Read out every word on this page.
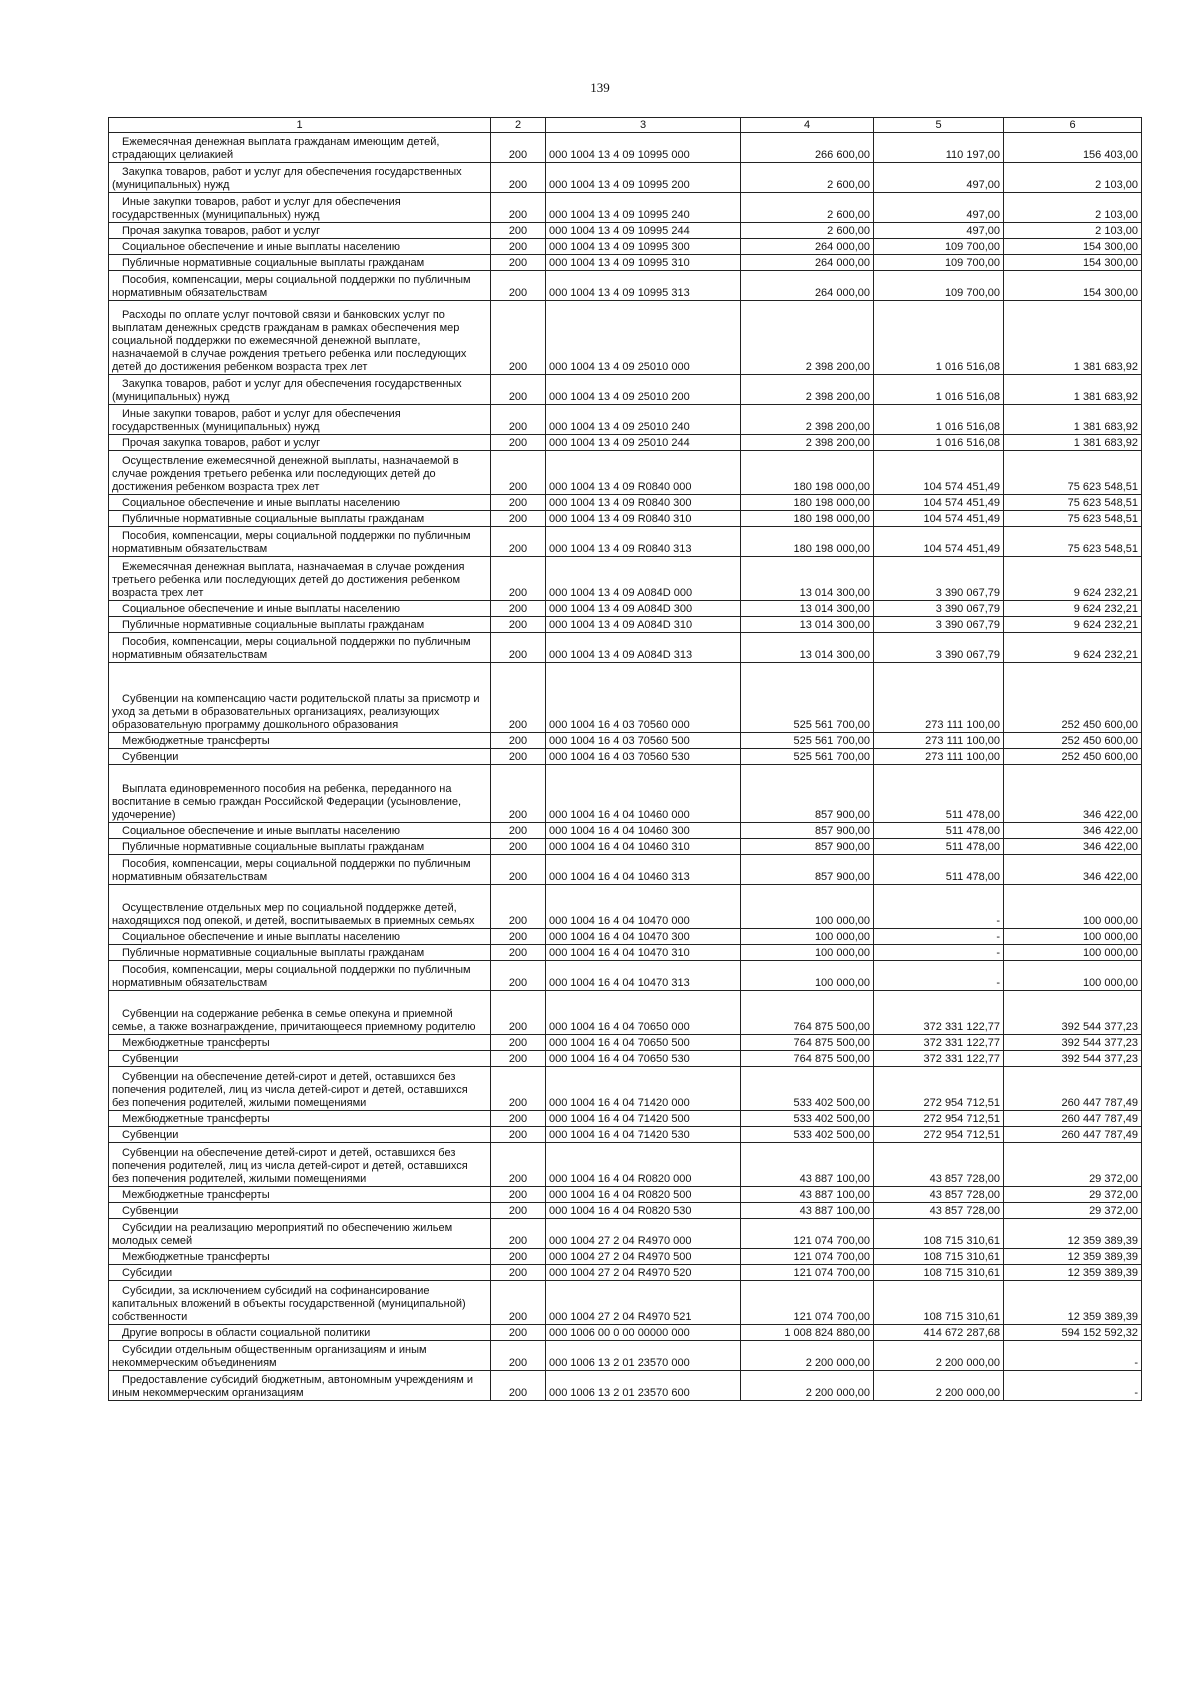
139
1	2	3	4	5	6
Ежемесячная денежная выплата гражданам имеющим детей, страдающих целиакией	200	000 1004 13 4 09 10995 000	266 600,00	110 197,00	156 403,00
Закупка товаров, работ и услуг для обеспечения государственных (муниципальных) нужд	200	000 1004 13 4 09 10995 200	2 600,00	497,00	2 103,00
Иные закупки товаров, работ и услуг для обеспечения государственных (муниципальных) нужд	200	000 1004 13 4 09 10995 240	2 600,00	497,00	2 103,00
Прочая закупка товаров, работ и услуг	200	000 1004 13 4 09 10995 244	2 600,00	497,00	2 103,00
Социальное обеспечение и иные выплаты населению	200	000 1004 13 4 09 10995 300	264 000,00	109 700,00	154 300,00
Публичные нормативные социальные выплаты гражданам	200	000 1004 13 4 09 10995 310	264 000,00	109 700,00	154 300,00
Пособия, компенсации, меры социальной поддержки по публичным нормативным обязательствам	200	000 1004 13 4 09 10995 313	264 000,00	109 700,00	154 300,00
Расходы по оплате услуг почтовой связи и банковских услуг по выплатам денежных средств гражданам в рамках обеспечения мер социальной поддержки по ежемесячной денежной выплате, назначаемой в случае рождения третьего ребенка или последующих детей до достижения ребенком возраста трех лет	200	000 1004 13 4 09 25010 000	2 398 200,00	1 016 516,08	1 381 683,92
Закупка товаров, работ и услуг для обеспечения государственных (муниципальных) нужд	200	000 1004 13 4 09 25010 200	2 398 200,00	1 016 516,08	1 381 683,92
Иные закупки товаров, работ и услуг для обеспечения государственных (муниципальных) нужд	200	000 1004 13 4 09 25010 240	2 398 200,00	1 016 516,08	1 381 683,92
Прочая закупка товаров, работ и услуг	200	000 1004 13 4 09 25010 244	2 398 200,00	1 016 516,08	1 381 683,92
Осуществление ежемесячной денежной выплаты, назначаемой в случае рождения третьего ребенка или последующих детей до достижения ребенком возраста трех лет	200	000 1004 13 4 09 R0840 000	180 198 000,00	104 574 451,49	75 623 548,51
Социальное обеспечение и иные выплаты населению	200	000 1004 13 4 09 R0840 300	180 198 000,00	104 574 451,49	75 623 548,51
Публичные нормативные социальные выплаты гражданам	200	000 1004 13 4 09 R0840 310	180 198 000,00	104 574 451,49	75 623 548,51
Пособия, компенсации, меры социальной поддержки по публичным нормативным обязательствам	200	000 1004 13 4 09 R0840 313	180 198 000,00	104 574 451,49	75 623 548,51
Ежемесячная денежная выплата, назначаемая в случае рождения третьего ребенка или последующих детей до достижения ребенком возраста трех лет	200	000 1004 13 4 09 A084D 000	13 014 300,00	3 390 067,79	9 624 232,21
Социальное обеспечение и иные выплаты населению	200	000 1004 13 4 09 A084D 300	13 014 300,00	3 390 067,79	9 624 232,21
Публичные нормативные социальные выплаты гражданам	200	000 1004 13 4 09 A084D 310	13 014 300,00	3 390 067,79	9 624 232,21
Пособия, компенсации, меры социальной поддержки по публичным нормативным обязательствам	200	000 1004 13 4 09 A084D 313	13 014 300,00	3 390 067,79	9 624 232,21
Субвенции на компенсацию части родительской платы за присмотр и уход за детьми в образовательных организациях, реализующих образовательную программу дошкольного образования	200	000 1004 16 4 03 70560 000	525 561 700,00	273 111 100,00	252 450 600,00
Межбюджетные трансферты	200	000 1004 16 4 03 70560 500	525 561 700,00	273 111 100,00	252 450 600,00
Субвенции	200	000 1004 16 4 03 70560 530	525 561 700,00	273 111 100,00	252 450 600,00
Выплата единовременного пособия на ребенка, переданного на воспитание в семью граждан Российской Федерации (усыновление, удочерение)	200	000 1004 16 4 04 10460 000	857 900,00	511 478,00	346 422,00
Социальное обеспечение и иные выплаты населению	200	000 1004 16 4 04 10460 300	857 900,00	511 478,00	346 422,00
Публичные нормативные социальные выплаты гражданам	200	000 1004 16 4 04 10460 310	857 900,00	511 478,00	346 422,00
Пособия, компенсации, меры социальной поддержки по публичным нормативным обязательствам	200	000 1004 16 4 04 10460 313	857 900,00	511 478,00	346 422,00
Осуществление отдельных мер по социальной поддержке детей, находящихся под опекой, и детей, воспитываемых в приемных семьях	200	000 1004 16 4 04 10470 000	100 000,00	-	100 000,00
Социальное обеспечение и иные выплаты населению	200	000 1004 16 4 04 10470 300	100 000,00	-	100 000,00
Публичные нормативные социальные выплаты гражданам	200	000 1004 16 4 04 10470 310	100 000,00	-	100 000,00
Пособия, компенсации, меры социальной поддержки по публичным нормативным обязательствам	200	000 1004 16 4 04 10470 313	100 000,00	-	100 000,00
Субвенции на содержание ребенка в семье опекуна и приемной семье, а также вознаграждение, причитающееся приемному родителю	200	000 1004 16 4 04 70650 000	764 875 500,00	372 331 122,77	392 544 377,23
Межбюджетные трансферты	200	000 1004 16 4 04 70650 500	764 875 500,00	372 331 122,77	392 544 377,23
Субвенции	200	000 1004 16 4 04 70650 530	764 875 500,00	372 331 122,77	392 544 377,23
Субвенции на обеспечение детей-сирот и детей, оставшихся без попечения родителей, лиц из числа детей-сирот и детей, оставшихся без попечения родителей, жилыми помещениями	200	000 1004 16 4 04 71420 000	533 402 500,00	272 954 712,51	260 447 787,49
Межбюджетные трансферты	200	000 1004 16 4 04 71420 500	533 402 500,00	272 954 712,51	260 447 787,49
Субвенции	200	000 1004 16 4 04 71420 530	533 402 500,00	272 954 712,51	260 447 787,49
Субвенции на обеспечение детей-сирот и детей, оставшихся без попечения родителей, лиц из числа детей-сирот и детей, оставшихся без попечения родителей, жилыми помещениями	200	000 1004 16 4 04 R0820 000	43 887 100,00	43 857 728,00	29 372,00
Межбюджетные трансферты	200	000 1004 16 4 04 R0820 500	43 887 100,00	43 857 728,00	29 372,00
Субвенции	200	000 1004 16 4 04 R0820 530	43 887 100,00	43 857 728,00	29 372,00
Субсидии на реализацию мероприятий по обеспечению жильем молодых семей	200	000 1004 27 2 04 R4970 000	121 074 700,00	108 715 310,61	12 359 389,39
Межбюджетные трансферты	200	000 1004 27 2 04 R4970 500	121 074 700,00	108 715 310,61	12 359 389,39
Субсидии	200	000 1004 27 2 04 R4970 520	121 074 700,00	108 715 310,61	12 359 389,39
Субсидии, за исключением субсидий на софинансирование капитальных вложений в объекты государственной (муниципальной) собственности	200	000 1004 27 2 04 R4970 521	121 074 700,00	108 715 310,61	12 359 389,39
Другие вопросы в области социальной политики	200	000 1006 00 0 00 00000 000	1 008 824 880,00	414 672 287,68	594 152 592,32
Субсидии отдельным общественным организациям и иным некоммерческим объединениям	200	000 1006 13 2 01 23570 000	2 200 000,00	2 200 000,00	-
Предоставление субсидий бюджетным, автономным учреждениям и иным некоммерческим организациям	200	000 1006 13 2 01 23570 600	2 200 000,00	2 200 000,00	-
